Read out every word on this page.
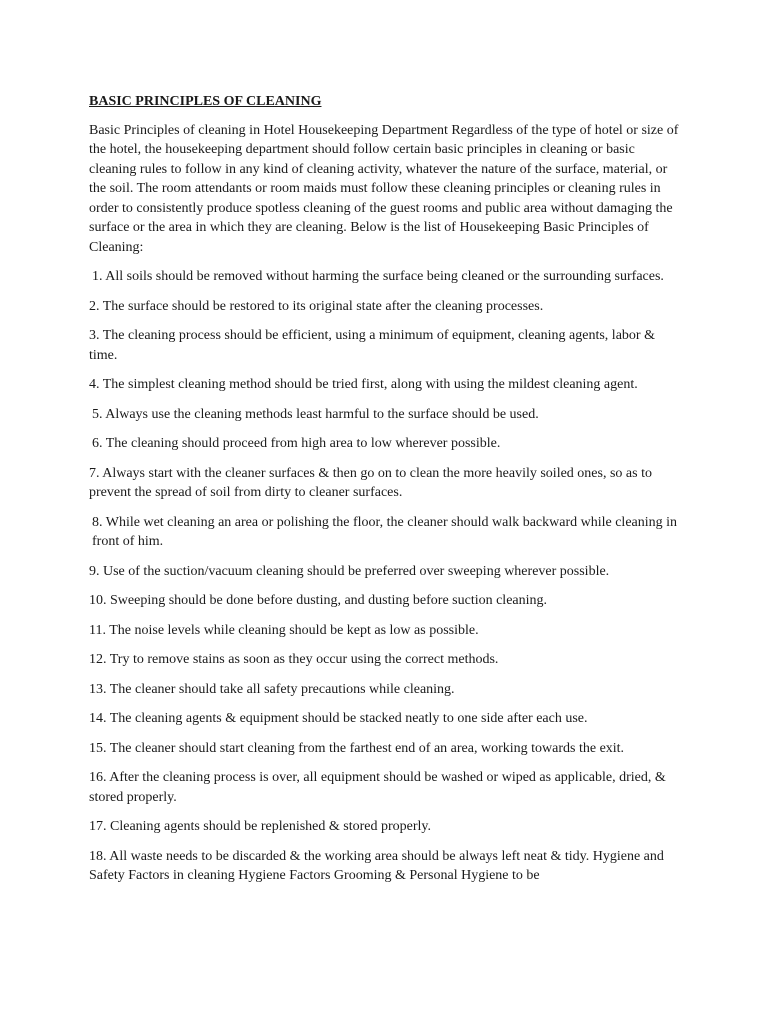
BASIC PRINCIPLES OF CLEANING

Basic Principles of cleaning in Hotel Housekeeping Department Regardless of the type of hotel or size of the hotel, the housekeeping department should follow certain basic principles in cleaning or basic cleaning rules to follow in any kind of cleaning activity, whatever the nature of the surface, material, or the soil. The room attendants or room maids must follow these cleaning principles or cleaning rules in order to consistently produce spotless cleaning of the guest rooms and public area without damaging the surface or the area in which they are cleaning. Below is the list of Housekeeping Basic Principles of Cleaning:

1. All soils should be removed without harming the surface being cleaned or the surrounding surfaces.

2. The surface should be restored to its original state after the cleaning processes.

3. The cleaning process should be efficient, using a minimum of equipment, cleaning agents, labor & time.

4. The simplest cleaning method should be tried first, along with using the mildest cleaning agent.

5. Always use the cleaning methods least harmful to the surface should be used.

6. The cleaning should proceed from high area to low wherever possible.

7. Always start with the cleaner surfaces & then go on to clean the more heavily soiled ones, so as to prevent the spread of soil from dirty to cleaner surfaces.

8. While wet cleaning an area or polishing the floor, the cleaner should walk backward while cleaning in front of him.

9. Use of the suction/vacuum cleaning should be preferred over sweeping wherever possible.

10. Sweeping should be done before dusting, and dusting before suction cleaning.

11. The noise levels while cleaning should be kept as low as possible.

12. Try to remove stains as soon as they occur using the correct methods.

13. The cleaner should take all safety precautions while cleaning.

14. The cleaning agents & equipment should be stacked neatly to one side after each use.

15. The cleaner should start cleaning from the farthest end of an area, working towards the exit.

16. After the cleaning process is over, all equipment should be washed or wiped as applicable, dried, & stored properly.

17. Cleaning agents should be replenished & stored properly.

18. All waste needs to be discarded & the working area should be always left neat & tidy. Hygiene and Safety Factors in cleaning Hygiene Factors Grooming & Personal Hygiene to be
